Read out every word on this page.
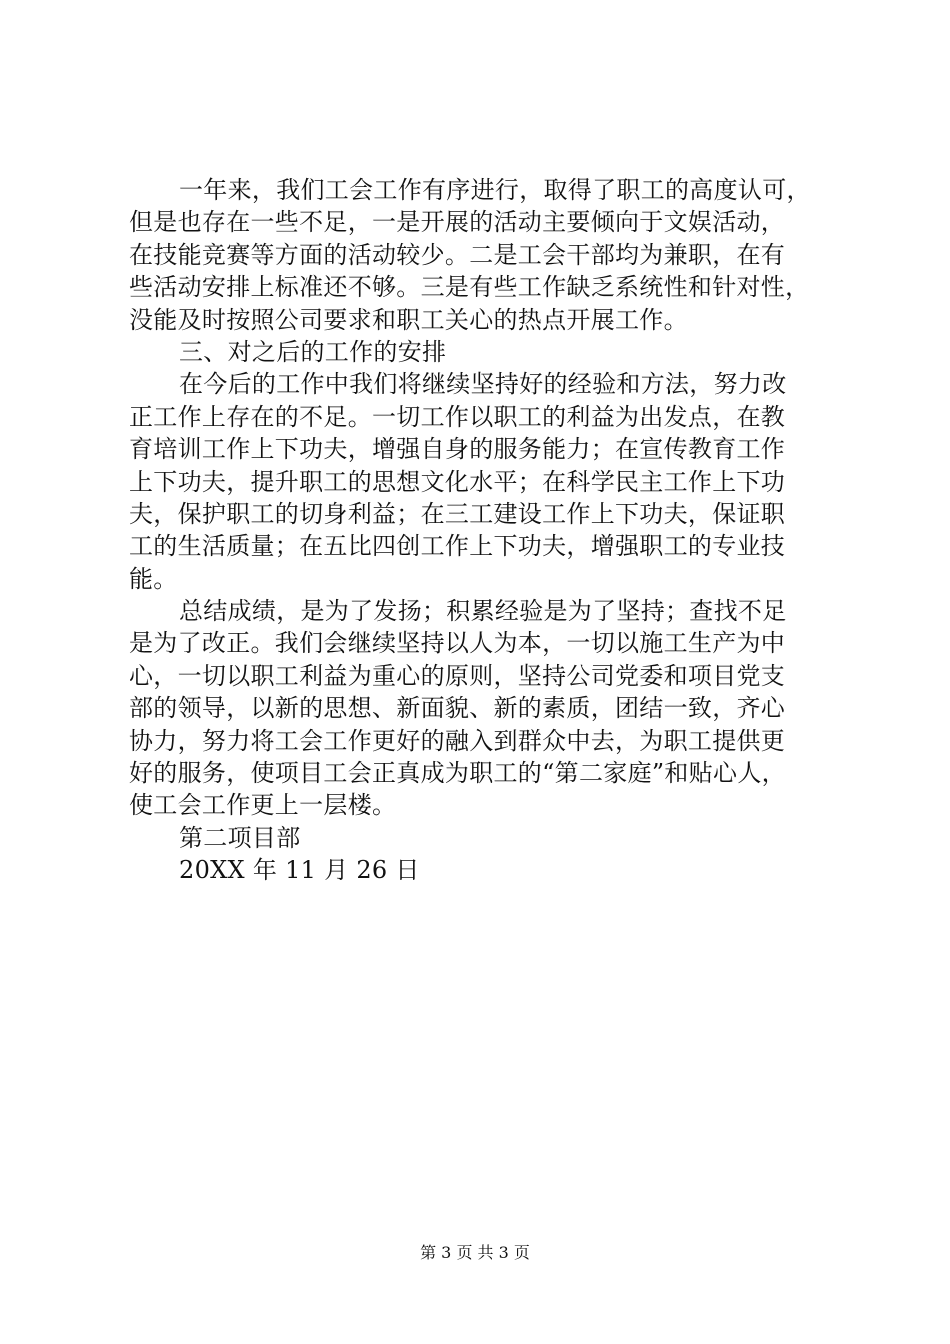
一年来，我们工会工作有序进行，取得了职工的高度认可，
但是也存在一些不足，一是开展的活动主要倾向于文娱活动，
在技能竞赛等方面的活动较少。二是工会干部均为兼职，在有
些活动安排上标准还不够。三是有些工作缺乏系统性和针对性，
没能及时按照公司要求和职工关心的热点开展工作。
三、对之后的工作的安排
在今后的工作中我们将继续坚持好的经验和方法，努力改
正工作上存在的不足。一切工作以职工的利益为出发点，在教
育培训工作上下功夫，增强自身的服务能力；在宣传教育工作
上下功夫，提升职工的思想文化水平；在科学民主工作上下功
夫，保护职工的切身利益；在三工建设工作上下功夫，保证职
工的生活质量；在五比四创工作上下功夫，增强职工的专业技
能。
总结成绩，是为了发扬；积累经验是为了坚持；查找不足
是为了改正。我们会继续坚持以人为本，一切以施工生产为中
心，一切以职工利益为重心的原则，坚持公司党委和项目党支
部的领导，以新的思想、新面貌、新的素质，团结一致，齐心
协力，努力将工会工作更好的融入到群众中去，为职工提供更
好的服务，使项目工会正真成为职工的“第二家庭”和贴心人，
使工会工作更上一层楼。
第二项目部
20XX 年 11 月 26 日
第 3 页 共 3 页
